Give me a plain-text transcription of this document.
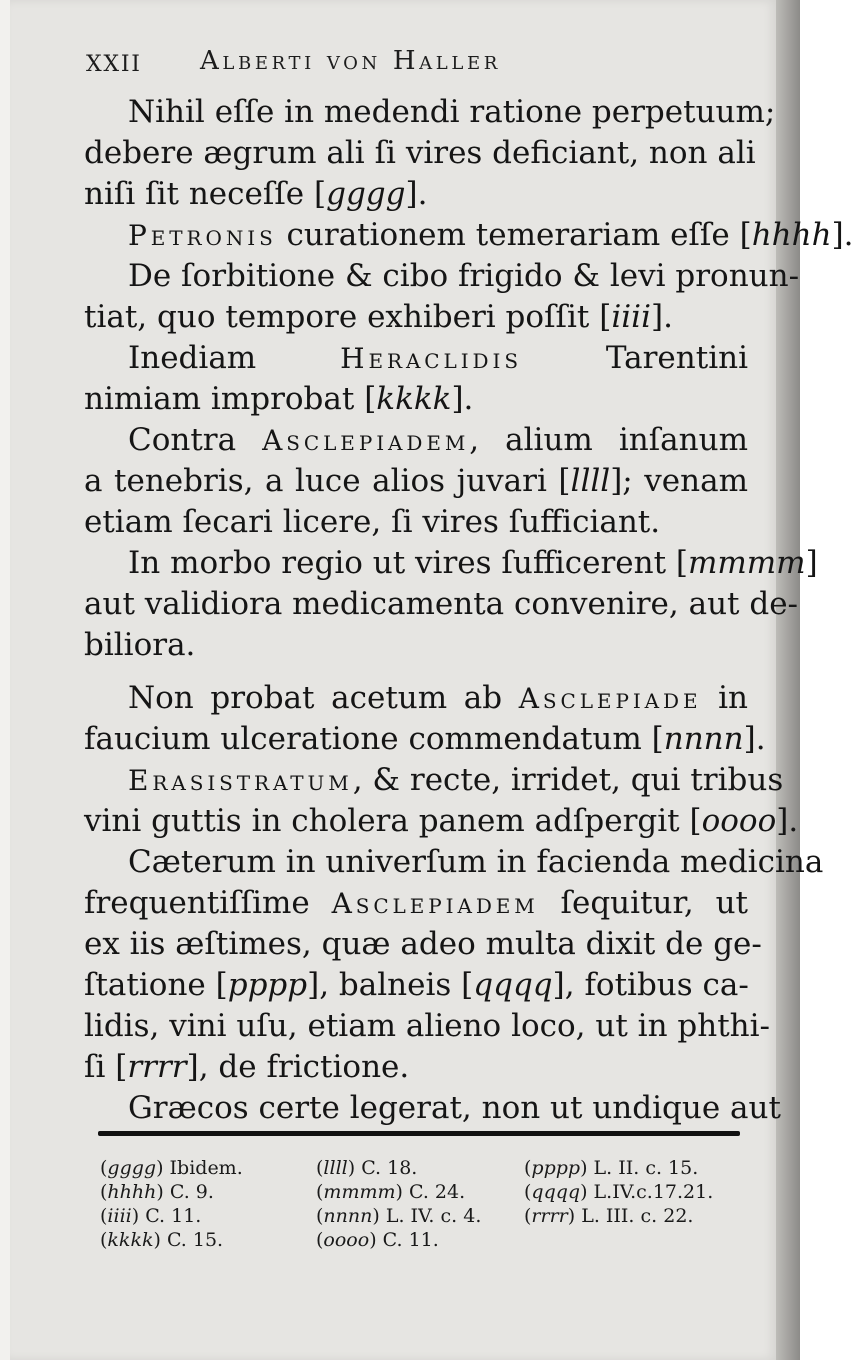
XXII Alberti von Haller
Nihil eſſe in medendi ratione perpetuum;
debere ægrum ali ſi vires deficiant, non ali
niſi ſit neceſſe [gggg].
Petronis curationem temerariam eſſe [hhhh].
De ſorbitione & cibo frigido & levi pronun-
tiat, quo tempore exhiberi poſſit [iiii].
Inediam Heraclidis Tarentini
nimiam improbat [kkkk].
Contra Asclepiadem, alium inſanum
a tenebris, a luce alios juvari [llll]; venam
etiam ſecari licere, ſi vires ſufficiant.
In morbo regio ut vires ſufficerent [mmmm]
aut validiora medicamenta convenire, aut de-
biliora.
Non probat acetum ab Asclepiade in
faucium ulceratione commendatum [nnnn].
Erasistratum, & recte, irridet, qui tribus
vini guttis in cholera panem adſpergit [oooo].
Cæterum in univerſum in facienda medicina
frequentiſſime Asclepiadem ſequitur, ut
ex iis æſtimes, quæ adeo multa dixit de ge-
ſtatione [pppp], balneis [qqqq], fotibus ca-
lidis, vini uſu, etiam alieno loco, ut in phthi-
ſi [rrrr], de frictione.
Græcos certe legerat, non ut undique aut
(gggg) Ibidem.	(llll) C. 18.	(pppp) L. II. c. 15.
(hhhh) C. 9.	(mmmm) C. 24.	(qqqq) L.IV.c.17.21.
(iiii) C. 11.	(nnnn) L. IV. c. 4.	(rrrr) L. III. c. 22.
(kkkk) C. 15.	(oooo) C. 11.
